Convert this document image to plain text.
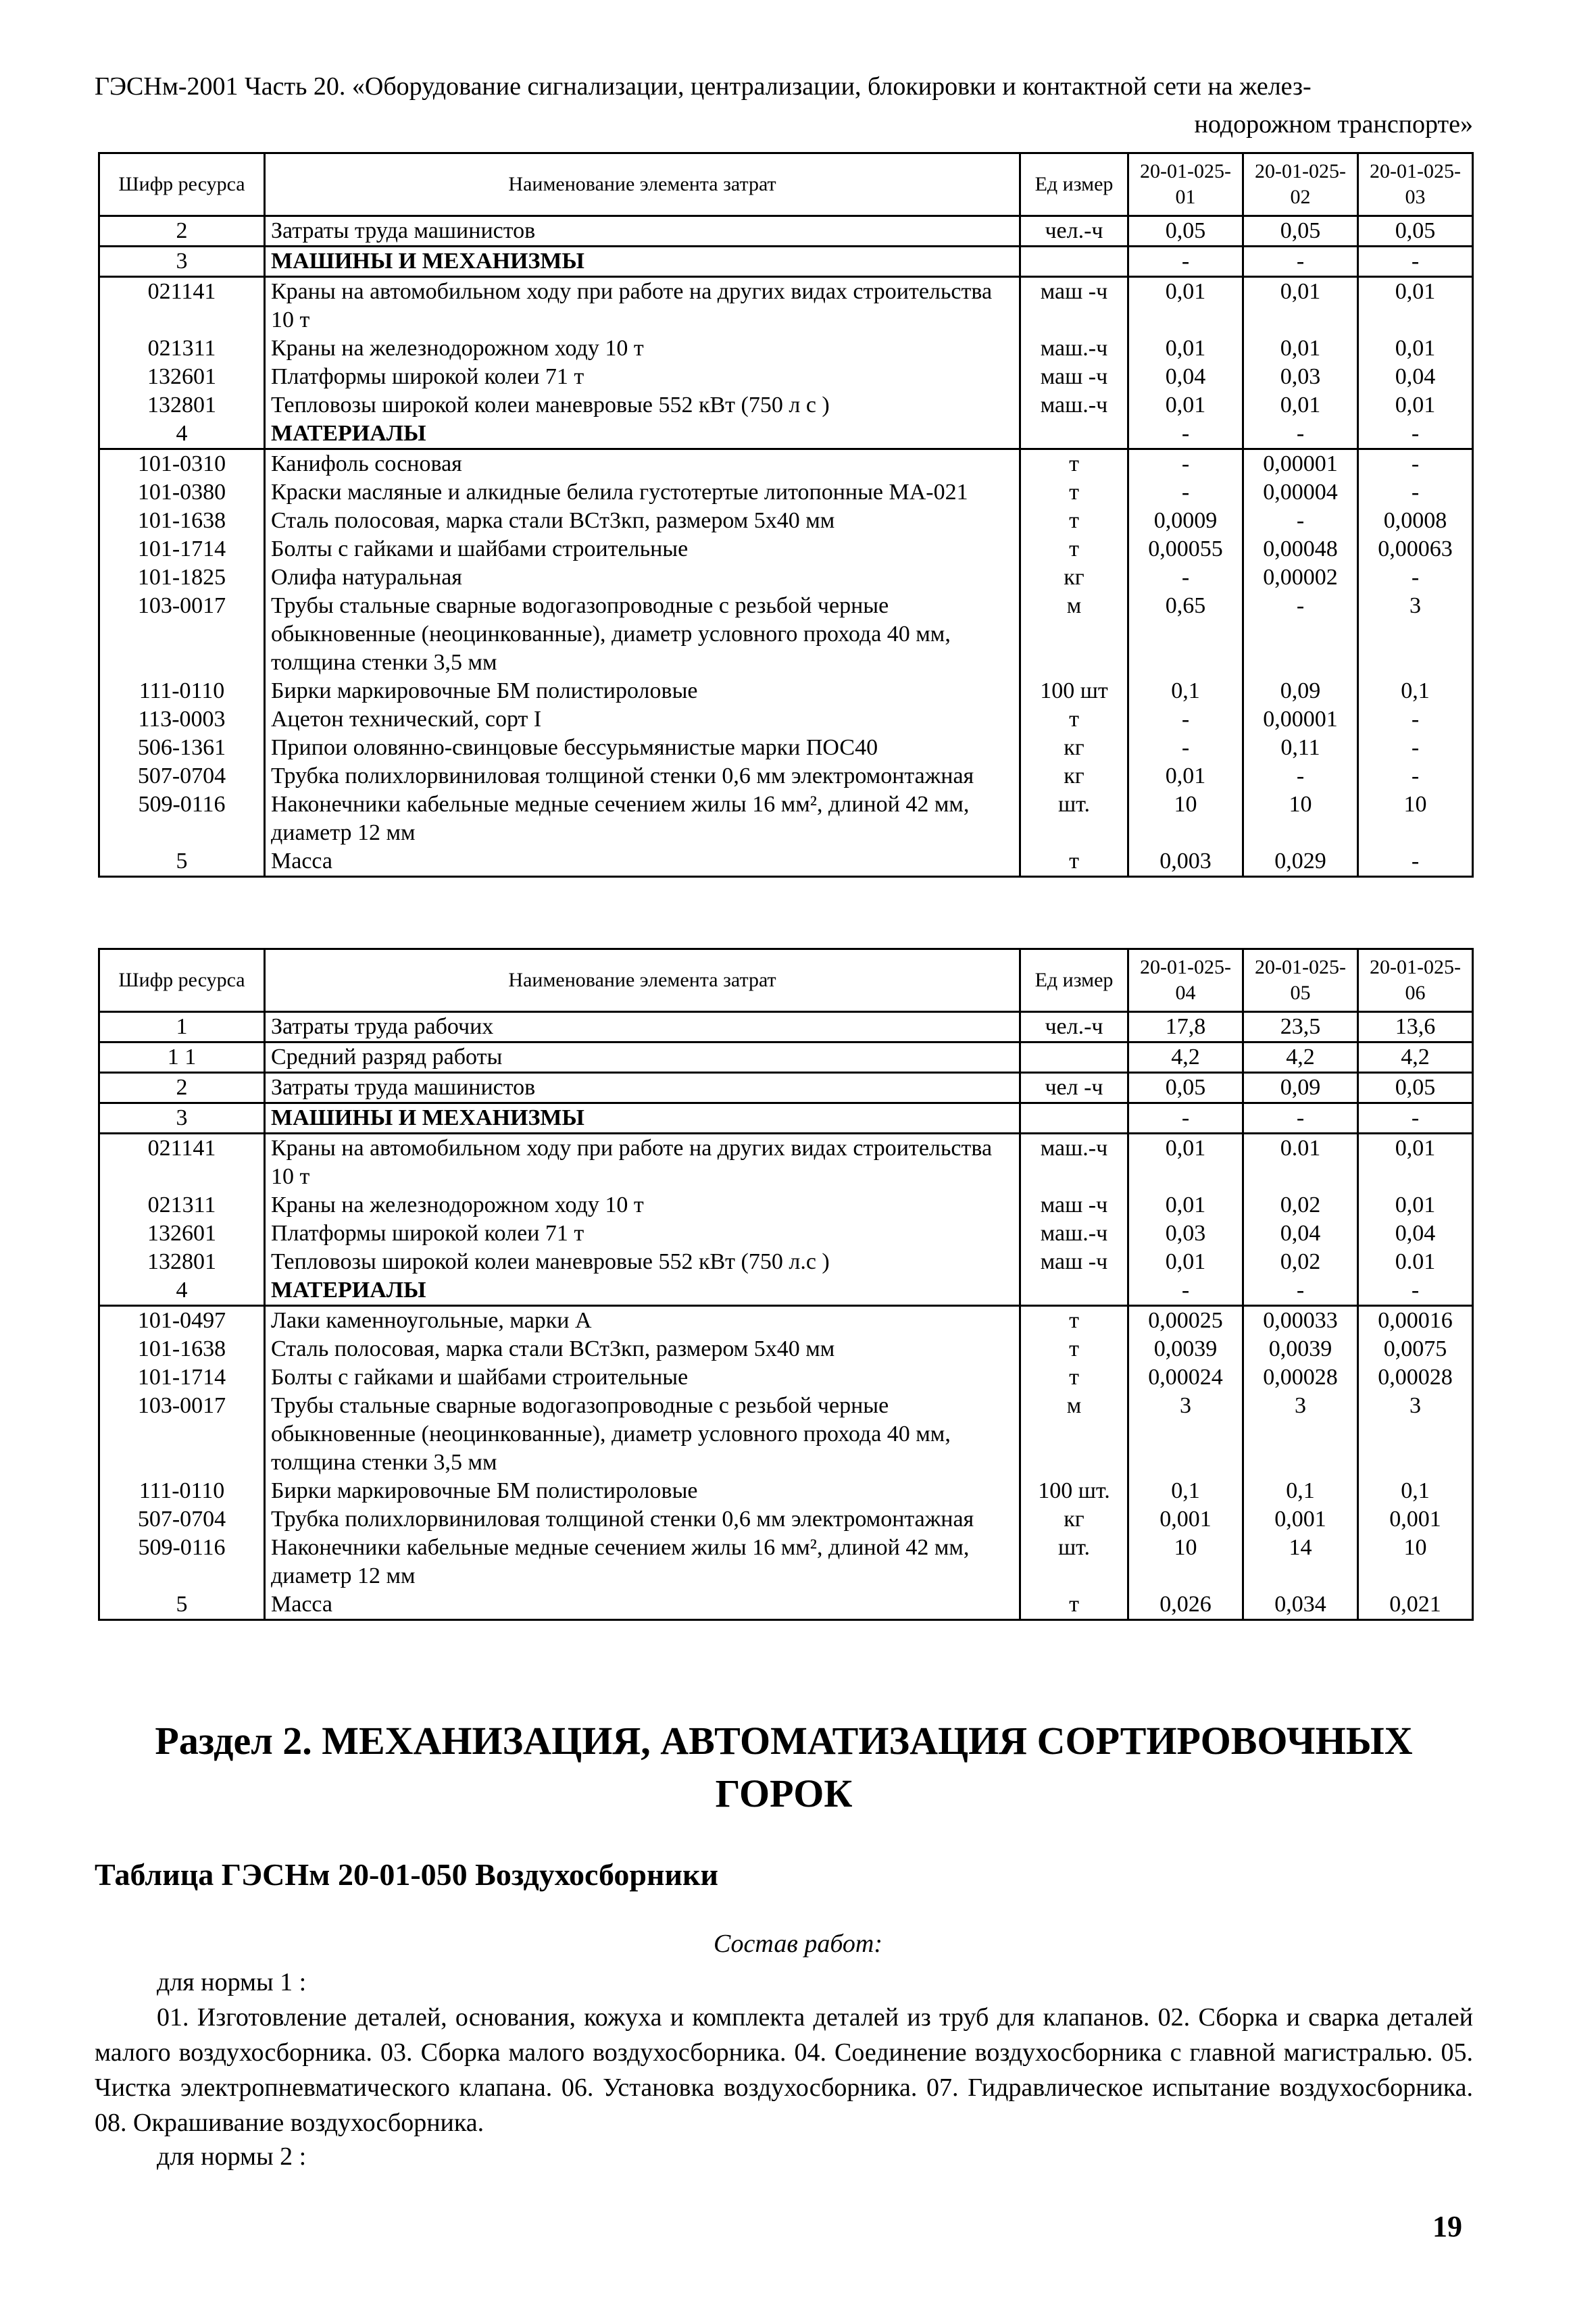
ГЭСНм-2001 Часть 20. «Оборудование сигнализации, централизации, блокировки и контактной сети на желез-
нодорожном транспорте»
Шифр ресурса	Наименование элемента затрат	Ед измер	20-01-025-01	20-01-025-02	20-01-025-03
2	Затраты труда машинистов	чел.-ч	0,05	0,05	0,05
3	МАШИНЫ И МЕХАНИЗМЫ		-	-	-
021141	Краны на автомобильном ходу при работе на других видах строительства 10 т	маш -ч	0,01	0,01	0,01
021311	Краны на железнодорожном ходу 10 т	маш.-ч	0,01	0,01	0,01
132601	Платформы широкой колеи 71 т	маш -ч	0,04	0,03	0,04
132801	Тепловозы широкой колеи маневровые 552 кВт (750 л с )	маш.-ч	0,01	0,01	0,01
4	МАТЕРИАЛЫ		-	-	-
101-0310	Канифоль сосновая	т	-	0,00001	-
101-0380	Краски масляные и алкидные белила густотертые литопонные МА-021	т	-	0,00004	-
101-1638	Сталь полосовая, марка стали ВСт3кп, размером 5х40 мм	т	0,0009	-	0,0008
101-1714	Болты с гайками и шайбами строительные	т	0,00055	0,00048	0,00063
101-1825	Олифа натуральная	кг	-	0,00002	-
103-0017	Трубы стальные сварные водогазопроводные с резьбой черные обыкновенные (неоцинкованные), диаметр условного прохода 40 мм, толщина стенки 3,5 мм	м	0,65	-	3
111-0110	Бирки маркировочные БМ полистироловые	100 шт	0,1	0,09	0,1
113-0003	Ацетон технический, сорт I	т	-	0,00001	-
506-1361	Припои оловянно-свинцовые бессурьмянистые марки ПОС40	кг	-	0,11	-
507-0704	Трубка полихлорвиниловая толщиной стенки 0,6 мм электромонтажная	кг	0,01	-	-
509-0116	Наконечники кабельные медные сечением жилы 16 мм², длиной 42 мм, диаметр 12 мм	шт.	10	10	10
5	Масса	т	0,003	0,029	-
Шифр ресурса	Наименование элемента затрат	Ед измер	20-01-025-04	20-01-025-05	20-01-025-06
1	Затраты труда рабочих	чел.-ч	17,8	23,5	13,6
1 1	Средний разряд работы		4,2	4,2	4,2
2	Затраты труда машинистов	чел -ч	0,05	0,09	0,05
3	МАШИНЫ И МЕХАНИЗМЫ		-	-	-
021141	Краны на автомобильном ходу при работе на других видах строительства 10 т	маш.-ч	0,01	0.01	0,01
021311	Краны на железнодорожном ходу 10 т	маш -ч	0,01	0,02	0,01
132601	Платформы широкой колеи 71 т	маш.-ч	0,03	0,04	0,04
132801	Тепловозы широкой колеи маневровые 552 кВт (750 л.с )	маш -ч	0,01	0,02	0.01
4	МАТЕРИАЛЫ		-	-	-
101-0497	Лаки каменноугольные, марки А	т	0,00025	0,00033	0,00016
101-1638	Сталь полосовая, марка стали ВСт3кп, размером 5х40 мм	т	0,0039	0,0039	0,0075
101-1714	Болты с гайками и шайбами строительные	т	0,00024	0,00028	0,00028
103-0017	Трубы стальные сварные водогазопроводные с резьбой черные обыкновенные (неоцинкованные), диаметр условного прохода 40 мм, толщина стенки 3,5 мм	м	3	3	3
111-0110	Бирки маркировочные БМ полистироловые	100 шт.	0,1	0,1	0,1
507-0704	Трубка полихлорвиниловая толщиной стенки 0,6 мм электромонтажная	кг	0,001	0,001	0,001
509-0116	Наконечники кабельные медные сечением жилы 16 мм², длиной 42 мм, диаметр 12 мм	шт.	10	14	10
5	Масса	т	0,026	0,034	0,021
Раздел 2. МЕХАНИЗАЦИЯ, АВТОМАТИЗАЦИЯ СОРТИРОВОЧНЫХ ГОРОК
Таблица ГЭСНм 20-01-050 Воздухосборники
Состав работ:
для нормы 1 :
01. Изготовление деталей, основания, кожуха и комплекта деталей из труб для клапанов. 02. Сборка и сварка деталей малого воздухосборника. 03. Сборка малого воздухосборника. 04. Соединение воздухосборника с главной магистралью. 05. Чистка электропневматического клапана. 06. Установка воздухосборника. 07. Гидравлическое испытание воздухосборника. 08. Окрашивание воздухосборника.
для нормы 2 :
19
